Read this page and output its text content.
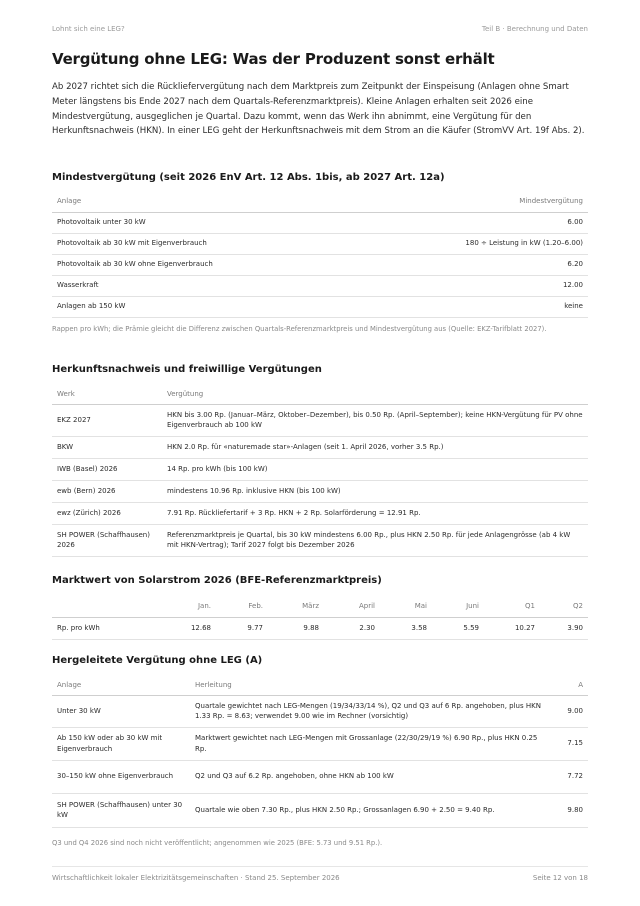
Lohnt sich eine LEG?	Teil B · Berechnung und Daten
Vergütung ohne LEG: Was der Produzent sonst erhält

Ab 2027 richtet sich die Rückliefervergütung nach dem Marktpreis zum Zeitpunkt der Einspeisung (Anlagen ohne Smart Meter längstens bis Ende 2027 nach dem Quartals-Referenzmarktpreis). Kleine Anlagen erhalten seit 2026 eine Mindestvergütung, ausgeglichen je Quartal. Dazu kommt, wenn das Werk ihn abnimmt, eine Vergütung für den Herkunftsnachweis (HKN). In einer LEG geht der Herkunftsnachweis mit dem Strom an die Käufer (StromVV Art. 19f Abs. 2).

Mindestvergütung (seit 2026 EnV Art. 12 Abs. 1bis, ab 2027 Art. 12a)
Anlage	Mindestvergütung
Photovoltaik unter 30 kW	6.00
Photovoltaik ab 30 kW mit Eigenverbrauch	180 ÷ Leistung in kW (1.20–6.00)
Photovoltaik ab 30 kW ohne Eigenverbrauch	6.20
Wasserkraft	12.00
Anlagen ab 150 kW	keine
Rappen pro kWh; die Prämie gleicht die Differenz zwischen Quartals-Referenzmarktpreis und Mindestvergütung aus (Quelle: EKZ-Tarifblatt 2027).
Herkunftsnachweis und freiwillige Vergütungen
Werk	Vergütung
EKZ 2027	HKN bis 3.00 Rp. (Januar–März, Oktober–Dezember), bis 0.50 Rp. (April–September); keine HKN-Vergütung für PV ohne Eigenverbrauch ab 100 kW
BKW	HKN 2.0 Rp. für «naturemade star»-Anlagen (seit 1. April 2026, vorher 3.5 Rp.)
IWB (Basel) 2026	14 Rp. pro kWh (bis 100 kW)
ewb (Bern) 2026	mindestens 10.96 Rp. inklusive HKN (bis 100 kW)
ewz (Zürich) 2026	7.91 Rp. Rückliefertarif + 3 Rp. HKN + 2 Rp. Solarförderung = 12.91 Rp.
SH POWER (Schaffhausen) 2026	Referenzmarktpreis je Quartal, bis 30 kW mindestens 6.00 Rp., plus HKN 2.50 Rp. für jede Anlagengrösse (ab 4 kW mit HKN-Vertrag); Tarif 2027 folgt bis Dezember 2026
Marktwert von Solarstrom 2026 (BFE-Referenzmarktpreis)
	Jan.	Feb.	März	April	Mai	Juni	Q1	Q2
Rp. pro kWh	12.68	9.77	9.88	2.30	3.58	5.59	10.27	3.90
Hergeleitete Vergütung ohne LEG (A)
Anlage	Herleitung	A
Unter 30 kW	Quartale gewichtet nach LEG-Mengen (19/34/33/14 %), Q2 und Q3 auf 6 Rp. angehoben, plus HKN 1.33 Rp. = 8.63; verwendet 9.00 wie im Rechner (vorsichtig)	9.00
Ab 150 kW oder ab 30 kW mit Eigenverbrauch	Marktwert gewichtet nach LEG-Mengen mit Grossanlage (22/30/29/19 %) 6.90 Rp., plus HKN 0.25 Rp.	7.15
30–150 kW ohne Eigenverbrauch	Q2 und Q3 auf 6.2 Rp. angehoben, ohne HKN ab 100 kW	7.72
SH POWER (Schaffhausen) unter 30 kW	Quartale wie oben 7.30 Rp., plus HKN 2.50 Rp.; Grossanlagen 6.90 + 2.50 = 9.40 Rp.	9.80
Q3 und Q4 2026 sind noch nicht veröffentlicht; angenommen wie 2025 (BFE: 5.73 und 9.51 Rp.).
Wirtschaftlichkeit lokaler Elektrizitätsgemeinschaften · Stand 25. September 2026	Seite 12 von 18
